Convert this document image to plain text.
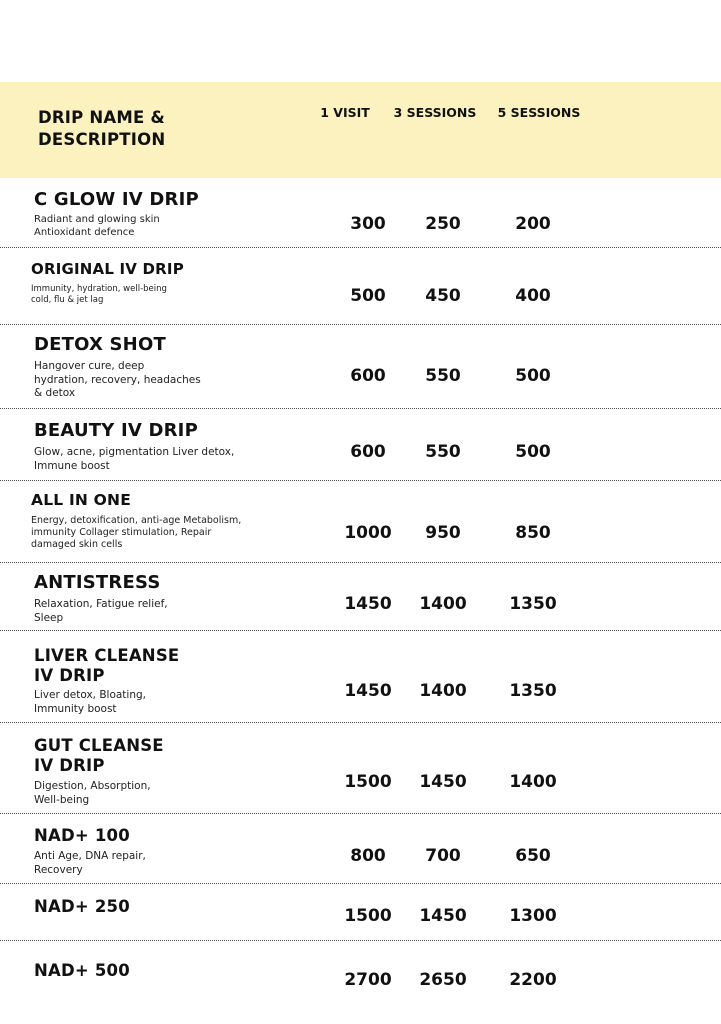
DRIP NAME &
DESCRIPTION
1 VISIT	3 SESSIONS	5 SESSIONS
C GLOW IV DRIP
Radiant and glowing skin
Antioxidant defence	300	250	200
ORIGINAL IV DRIP
Immunity, hydration, well-being
cold, flu & jet lag	500	450	400
DETOX SHOT
Hangover cure, deep
hydration, recovery, headaches
& detox
600	550	500
BEAUTY IV DRIP
Glow, acne, pigmentation Liver detox,
Immune boost
600	550	500
ALL IN ONE
Energy, detoxification, anti-age Metabolism,
immunity Collager stimulation, Repair
damaged skin cells
1000	950	850
ANTISTRESS
Relaxation, Fatigue relief,
Sleep
1450	1400	1350
LIVER CLEANSE
IV DRIP
Liver detox, Bloating,
Immunity boost
1450	1400	1350
GUT CLEANSE
IV DRIP
Digestion, Absorption,
Well-being
1500	1450	1400
NAD+ 100
Anti Age, DNA repair,
Recovery
800	700	650
NAD+ 250	1500	1450	1300
NAD+ 500	2700	2650	2200
